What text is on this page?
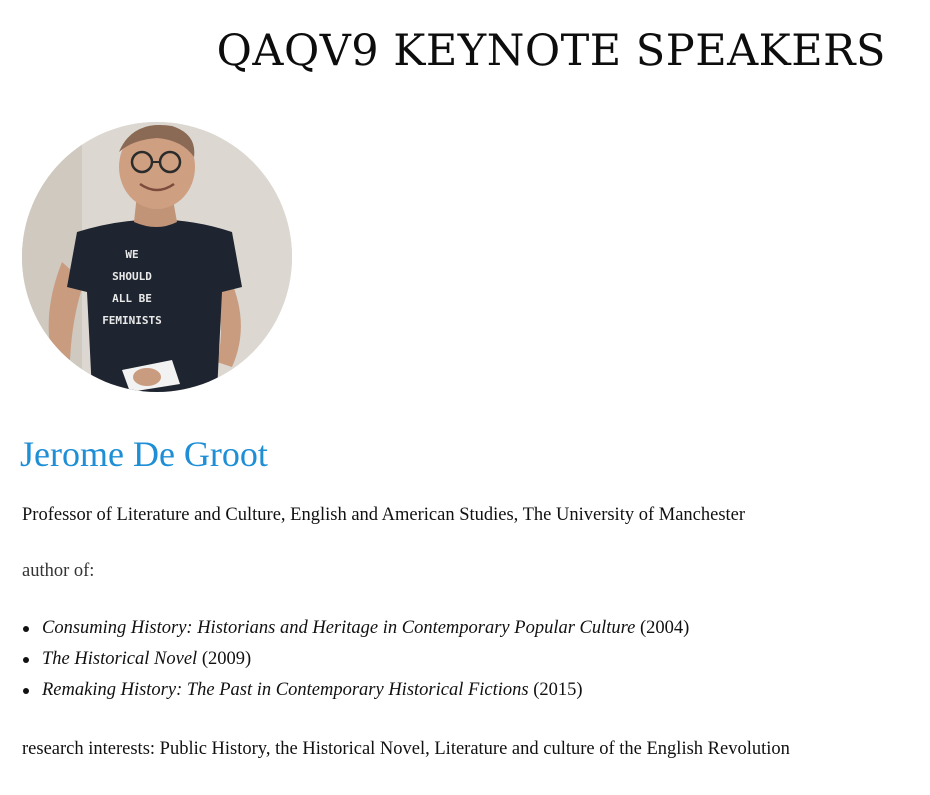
QAQV9 KEYNOTE SPEAKERS
WE
SHOULD
ALL BE
FEMINISTS
Jerome De Groot

Professor of Literature and Culture, English and American Studies, The University of Manchester

author of:

Consuming History: Historians and Heritage in Contemporary Popular Culture (2004)
The Historical Novel (2009)
Remaking History: The Past in Contemporary Historical Fictions (2015)

research interests: Public History, the Historical Novel, Literature and culture of the English Revolution
